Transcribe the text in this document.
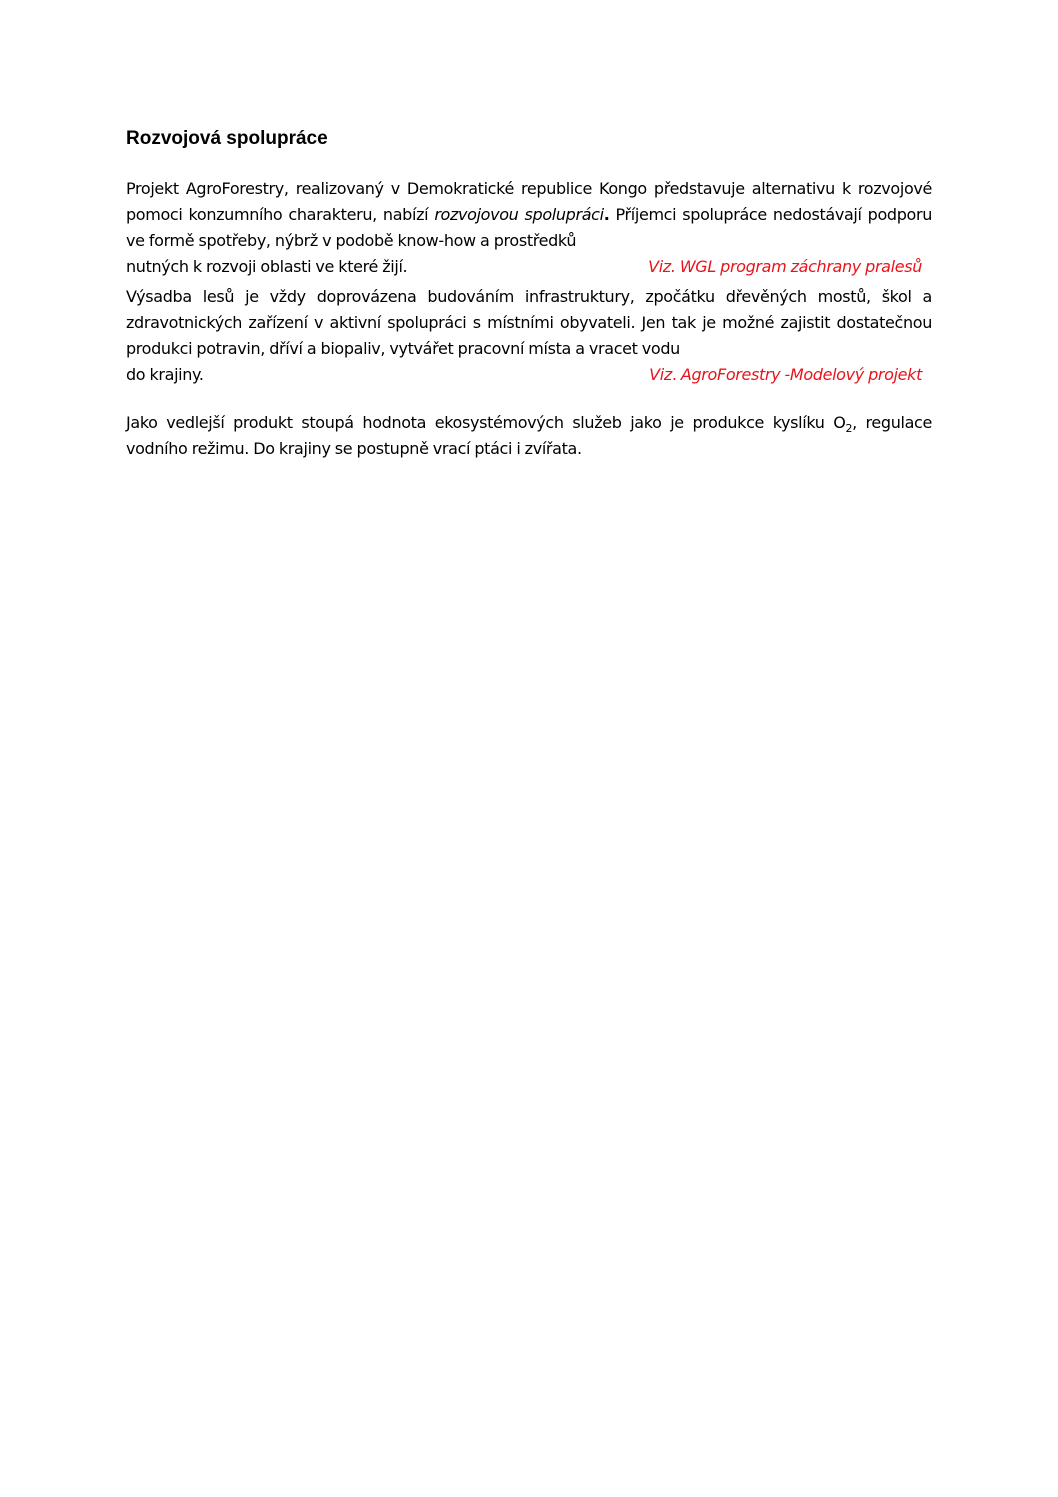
Rozvojová spolupráce
Projekt AgroForestry, realizovaný v Demokratické republice Kongo představuje alternativu k rozvojové pomoci konzumního charakteru, nabízí rozvojovou spolupráci. Příjemci spolupráce nedostávají podporu ve formě spotřeby, nýbrž v podobě know-how a prostředků
nutných k rozvoji oblasti ve které žijí.	Viz. WGL program záchrany pralesů
Výsadba lesů je vždy doprovázena budováním infrastruktury, zpočátku dřevěných mostů, škol a zdravotnických zařízení v aktivní spolupráci s místními obyvateli. Jen tak je možné zajistit dostatečnou produkci potravin, dříví a biopaliv, vytvářet pracovní místa a vracet vodu
do krajiny.	Viz. AgroForestry -Modelový projekt
Jako vedlejší produkt stoupá hodnota ekosystémových služeb jako je produkce kyslíku $O_2$, regulace vodního režimu. Do krajiny se postupně vrací ptáci i zvířata.
